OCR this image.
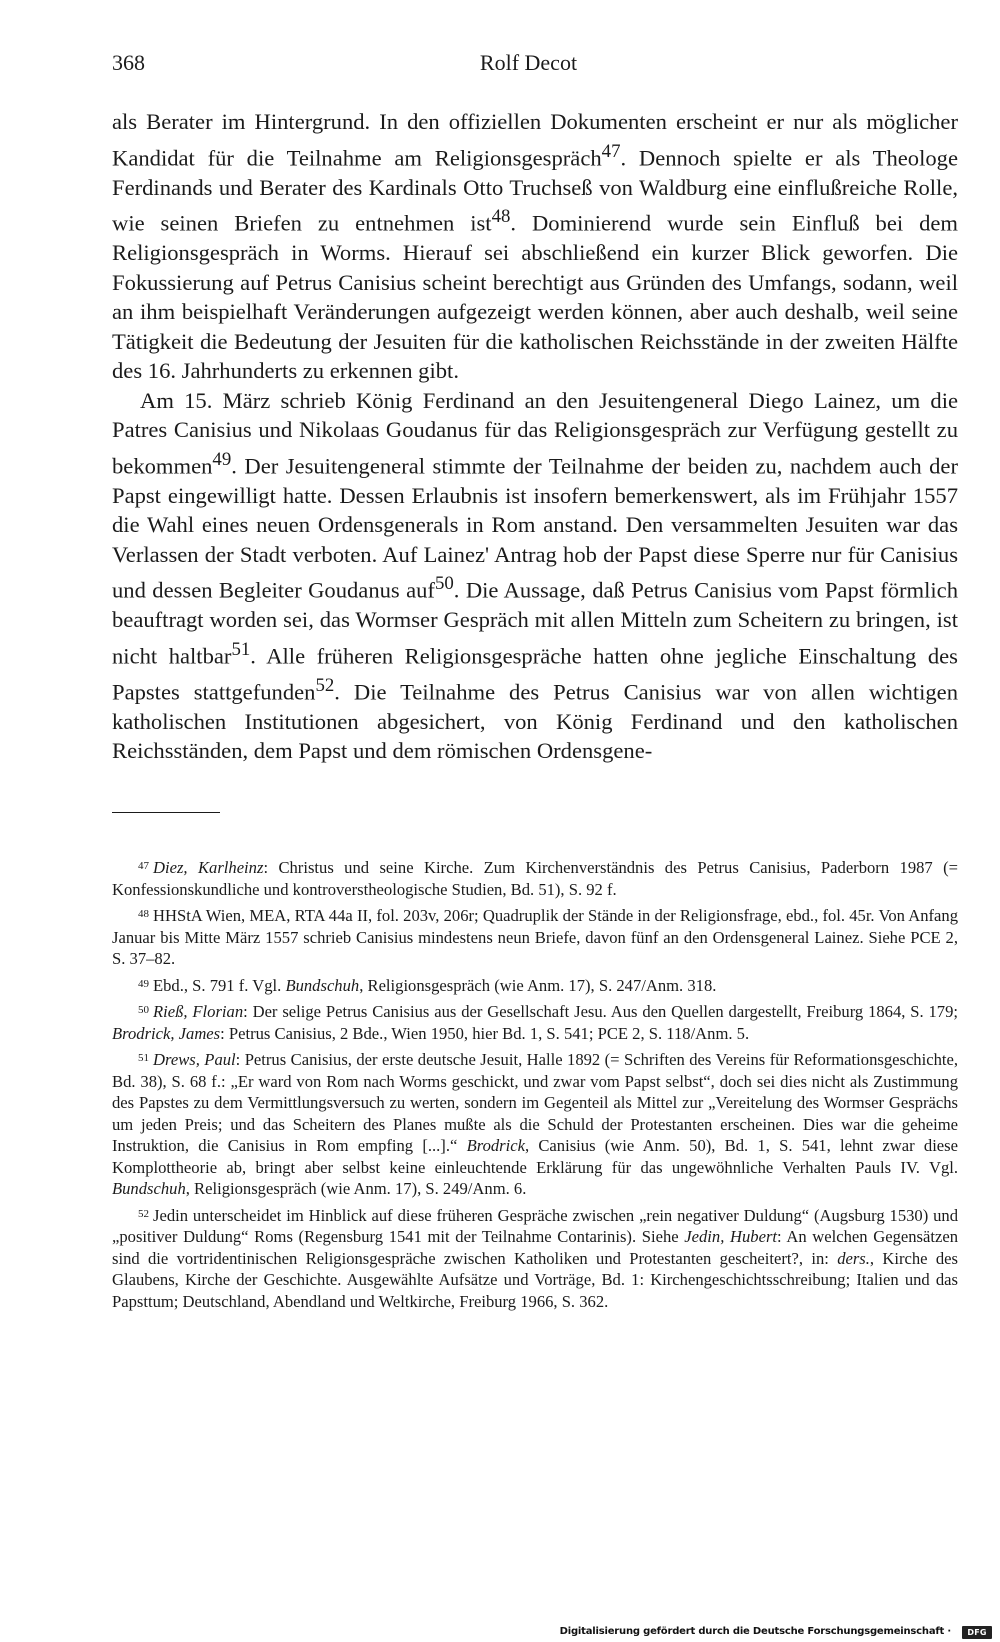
368	Rolf Decot

als Berater im Hintergrund. In den offiziellen Dokumenten erscheint er nur als möglicher Kandidat für die Teilnahme am Religionsgespräch$^{47}$. Dennoch spielte er als Theologe Ferdinands und Berater des Kardinals Otto Truchseß von Waldburg eine einflußreiche Rolle, wie seinen Briefen zu entnehmen ist$^{48}$. Dominierend wurde sein Einfluß bei dem Religionsgespräch in Worms. Hierauf sei abschließend ein kurzer Blick geworfen. Die Fokussierung auf Petrus Canisius scheint berechtigt aus Gründen des Umfangs, sodann, weil an ihm beispielhaft Veränderungen aufgezeigt werden können, aber auch deshalb, weil seine Tätigkeit die Bedeutung der Jesuiten für die katholischen Reichsstände in der zweiten Hälfte des 16. Jahrhunderts zu erkennen gibt.

Am 15. März schrieb König Ferdinand an den Jesuitengeneral Diego Lainez, um die Patres Canisius und Nikolaas Goudanus für das Religionsgespräch zur Verfügung gestellt zu bekommen$^{49}$. Der Jesuitengeneral stimmte der Teilnahme der beiden zu, nachdem auch der Papst eingewilligt hatte. Dessen Erlaubnis ist insofern bemerkenswert, als im Frühjahr 1557 die Wahl eines neuen Ordensgenerals in Rom anstand. Den versammelten Jesuiten war das Verlassen der Stadt verboten. Auf Lainez' Antrag hob der Papst diese Sperre nur für Canisius und dessen Begleiter Goudanus auf$^{50}$. Die Aussage, daß Petrus Canisius vom Papst förmlich beauftragt worden sei, das Wormser Gespräch mit allen Mitteln zum Scheitern zu bringen, ist nicht haltbar$^{51}$. Alle früheren Religionsgespräche hatten ohne jegliche Einschaltung des Papstes stattgefunden$^{52}$. Die Teilnahme des Petrus Canisius war von allen wichtigen katholischen Institutionen abgesichert, von König Ferdinand und den katholischen Reichsständen, dem Papst und dem römischen Ordensgene-

$^{47}$ Diez, Karlheinz: Christus und seine Kirche. Zum Kirchenverständnis des Petrus Canisius, Paderborn 1987 (= Konfessionskundliche und kontroverstheologische Studien, Bd. 51), S. 92 f.

$^{48}$ HHStA Wien, MEA, RTA 44a II, fol. 203v, 206r; Quadruplik der Stände in der Religionsfrage, ebd., fol. 45r. Von Anfang Januar bis Mitte März 1557 schrieb Canisius mindestens neun Briefe, davon fünf an den Ordensgeneral Lainez. Siehe PCE 2, S. 37–82.

$^{49}$ Ebd., S. 791 f. Vgl. Bundschuh, Religionsgespräch (wie Anm. 17), S. 247/Anm. 318.

$^{50}$ Rieß, Florian: Der selige Petrus Canisius aus der Gesellschaft Jesu. Aus den Quellen dargestellt, Freiburg 1864, S. 179; Brodrick, James: Petrus Canisius, 2 Bde., Wien 1950, hier Bd. 1, S. 541; PCE 2, S. 118/Anm. 5.

$^{51}$ Drews, Paul: Petrus Canisius, der erste deutsche Jesuit, Halle 1892 (= Schriften des Vereins für Reformationsgeschichte, Bd. 38), S. 68 f.: „Er ward von Rom nach Worms geschickt, und zwar vom Papst selbst“, doch sei dies nicht als Zustimmung des Papstes zu dem Vermittlungsversuch zu werten, sondern im Gegenteil als Mittel zur „Vereitelung des Wormser Gesprächs um jeden Preis; und das Scheitern des Planes mußte als die Schuld der Protestanten erscheinen. Dies war die geheime Instruktion, die Canisius in Rom empfing [...].“ Brodrick, Canisius (wie Anm. 50), Bd. 1, S. 541, lehnt zwar diese Komplottheorie ab, bringt aber selbst keine einleuchtende Erklärung für das ungewöhnliche Verhalten Pauls IV. Vgl. Bundschuh, Religionsgespräch (wie Anm. 17), S. 249/Anm. 6.

$^{52}$ Jedin unterscheidet im Hinblick auf diese früheren Gespräche zwischen „rein negativer Duldung“ (Augsburg 1530) und „positiver Duldung“ Roms (Regensburg 1541 mit der Teilnahme Contarinis). Siehe Jedin, Hubert: An welchen Gegensätzen sind die vortridentinischen Religionsgespräche zwischen Katholiken und Protestanten gescheitert?, in: ders., Kirche des Glaubens, Kirche der Geschichte. Ausgewählte Aufsätze und Vorträge, Bd. 1: Kirchengeschichtsschreibung; Italien und das Papsttum; Deutschland, Abendland und Weltkirche, Freiburg 1966, S. 362.

Digitalisierung gefördert durch die Deutsche Forschungsgemeinschaft ·	DFG
